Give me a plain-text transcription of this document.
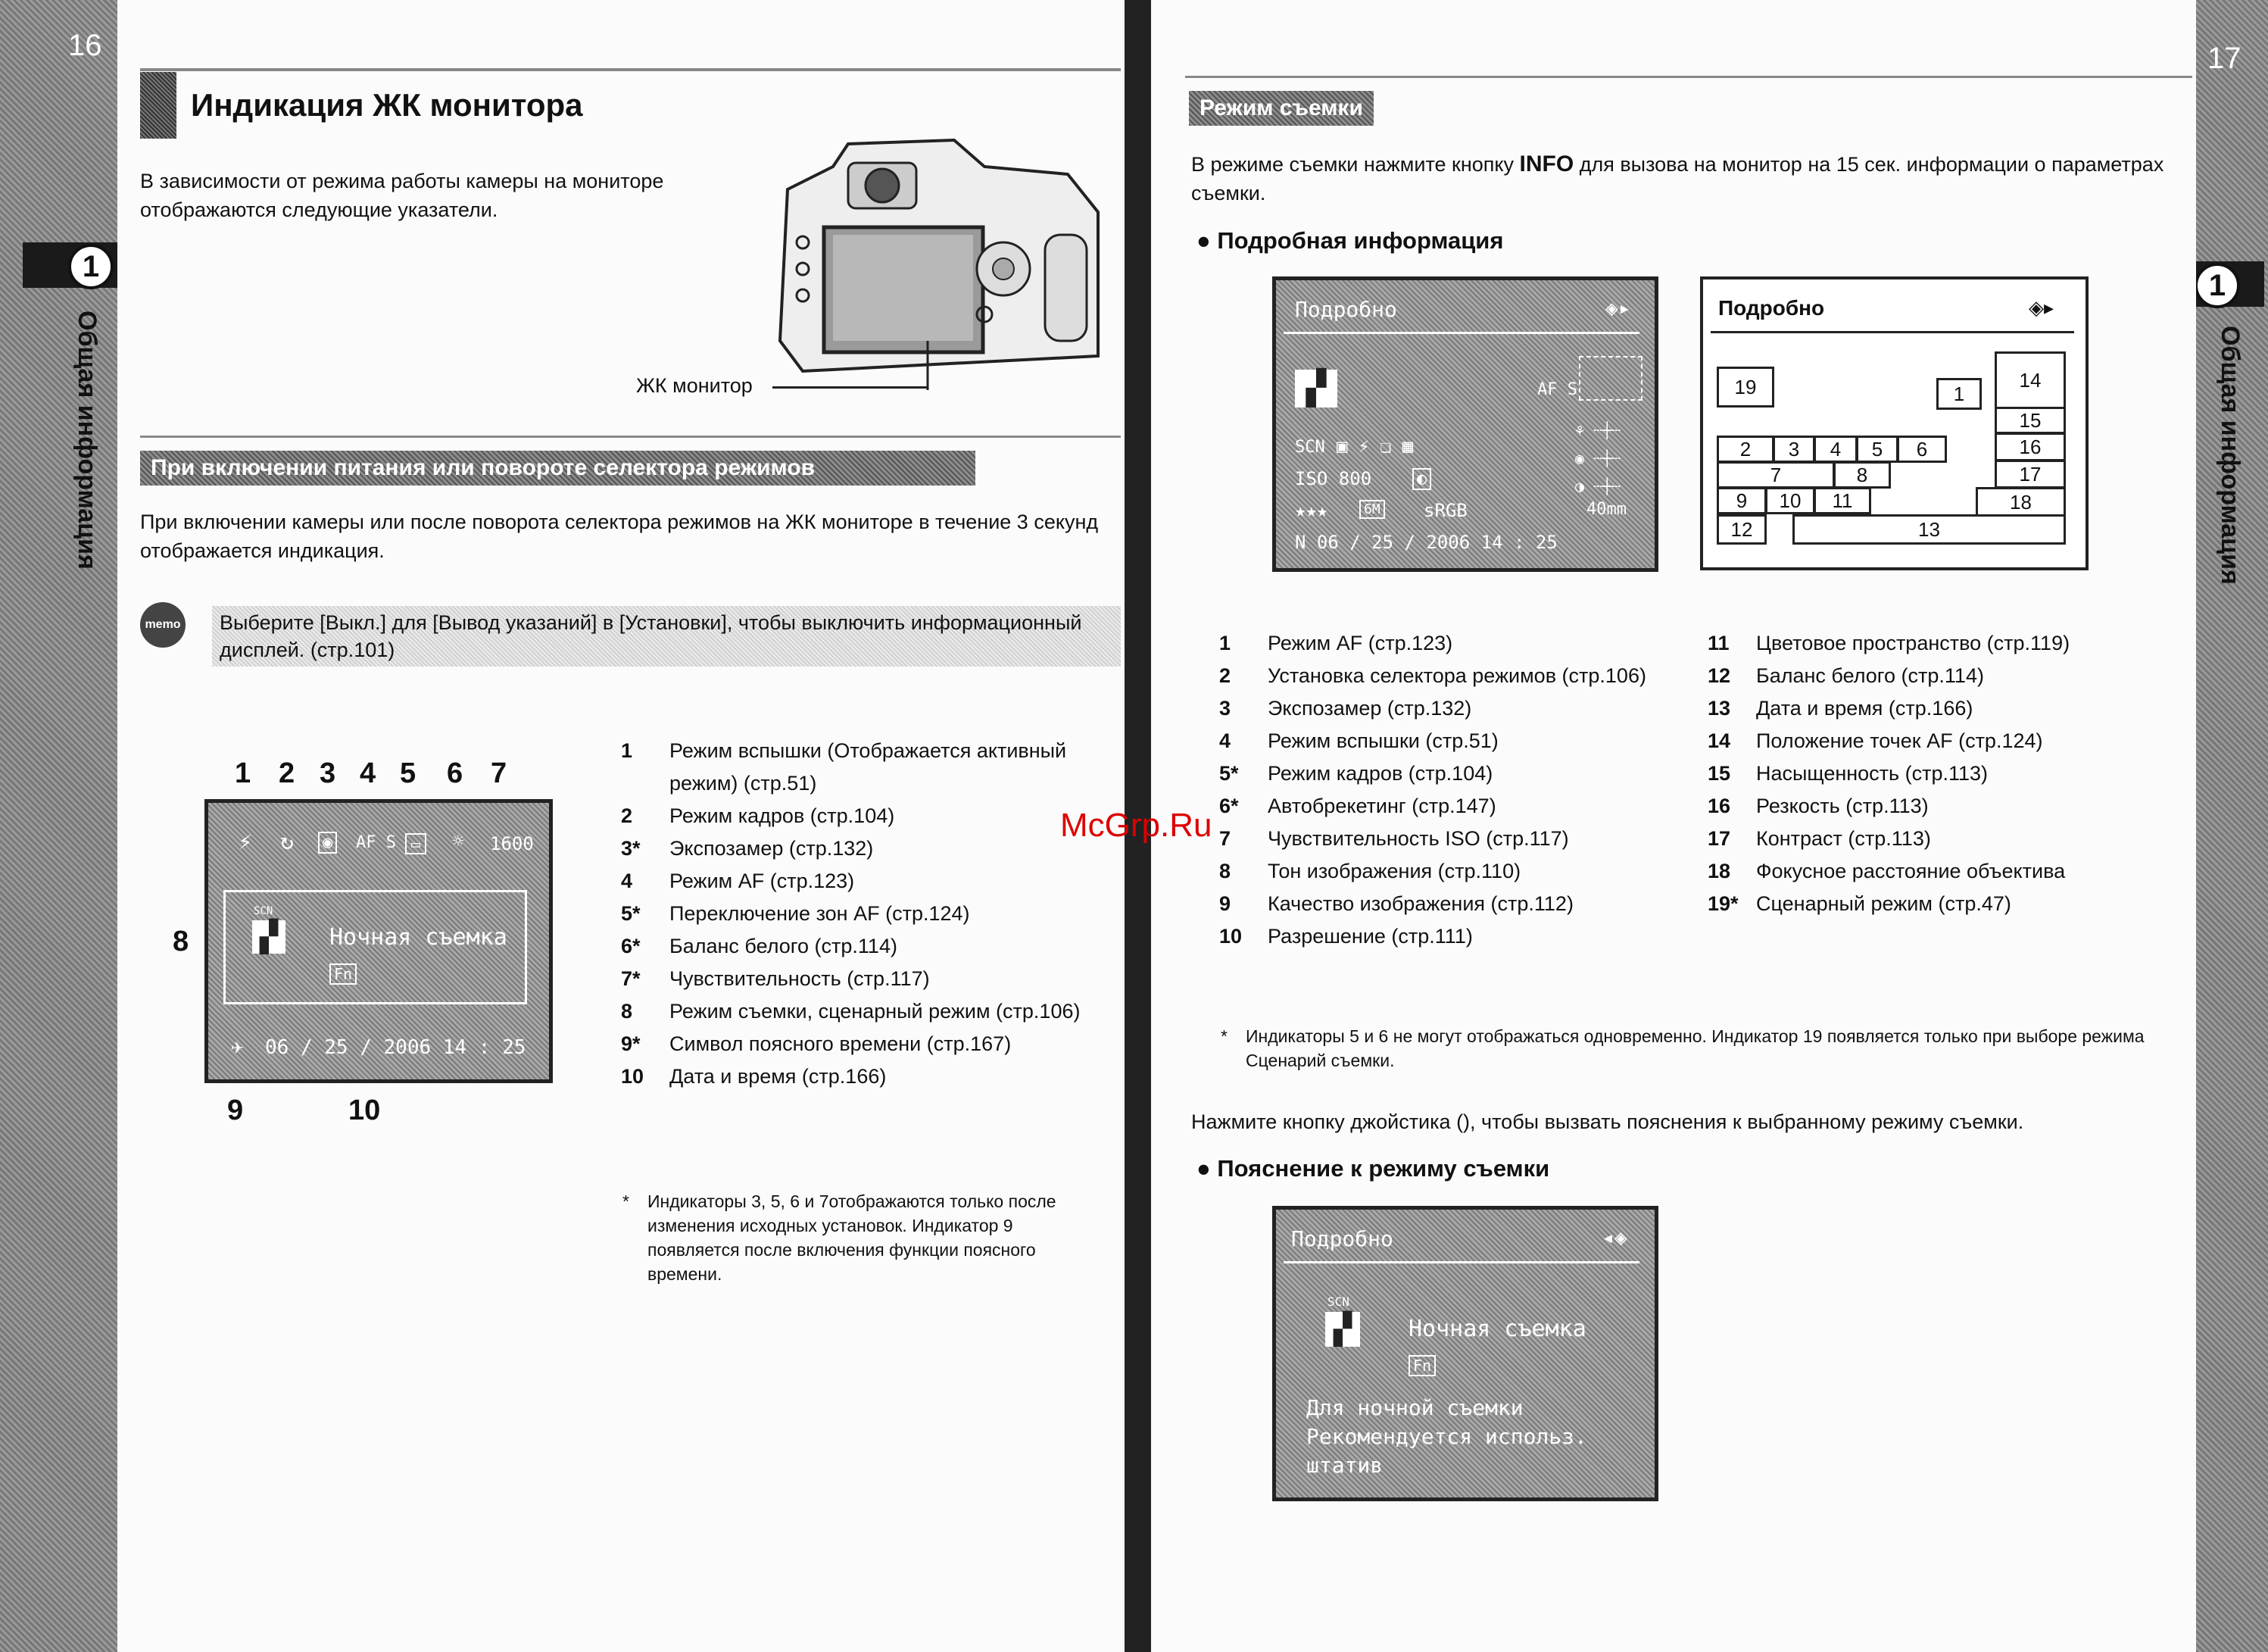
16	17
1
Общая информация
1
Общая информация
Индикация ЖК монитора
В зависимости от режима работы камеры на мониторе отображаются следующие указатели.
ЖК монитор
При включении питания или повороте селектора режимов
При включении камеры или после поворота селектора режимов на ЖК мониторе в течение 3 секунд отображается индикация.
memo	Выберите [Выкл.] для [Вывод указаний] в [Установки], чтобы выключить информационный дисплей. (стр.101)
1 2 3 4 5 6 7
⚡ ↻ ◉ AF S	▭	☼ 1600
SCN
▞	Ночная съемка
Fn
✈ 06 / 25 / 2006 14 : 25
8
9	10
1	Режим вспышки (Отображается активный режим) (стр.51)
2	Режим кадров (стр.104)
3*	Экспозамер (стр.132)
4	Режим AF (стр.123)
5*	Переключение зон AF (стр.124)
6*	Баланс белого (стр.114)
7*	Чувствительность (стр.117)
8	Режим съемки, сценарный режим (стр.106)
9*	Символ поясного времени (стр.167)
10	Дата и время (стр.166)
* Индикаторы 3, 5, 6 и 7отображаются только после изменения исходных установок. Индикатор 9 появляется после включения функции поясного времени.
Режим съемки
В режиме съемки нажмите кнопку INFO для вызова на монитор на 15 сек. информации о параметрах съемки.
● Подробная информация
Подробно	◈▸
▞	AF S
SCN ▣ ⚡ ❏ ▦
ISO 800	◐
★★★	6M sRGB	40mm
⚘ ┄┼┄
◉ ┄┼┄
◑ ┄┼┄
N 06 / 25 / 2006 14 : 25
Подробно	◈▸
19	1
14
15
16
17
18
2	3	4	5	6
7	8
9	10	11
12	13
1	Режим AF (стр.123)
2	Установка селектора режимов (стр.106)
3	Экспозамер (стр.132)
4	Режим вспышки (стр.51)
5*	Режим кадров (стр.104)
6*	Автобрекетинг (стр.147)
7	Чувствительность ISO (стр.117)
8	Тон изображения (стр.110)
9	Качество изображения (стр.112)
10	Разрешение (стр.111)
11	Цветовое пространство (стр.119)
12	Баланс белого (стр.114)
13	Дата и время (стр.166)
14	Положение точек AF (стр.124)
15	Насыщенность (стр.113)
16	Резкость (стр.113)
17	Контраст (стр.113)
18	Фокусное расстояние объектива
19* Сценарный режим (стр.47)
* Индикаторы 5 и 6 не могут отображаться одновременно. Индикатор 19 появляется только при выборе режима Сценарий съемки.
Нажмите кнопку джойстика (), чтобы вызвать пояснения к выбранному режиму съемки.
● Пояснение к режиму съемки
Подробно	◂◈
SCN
▞	Ночная съемка
Fn
Для ночной съемки
Рекомендуется использ.
штатив
McGrp.Ru
